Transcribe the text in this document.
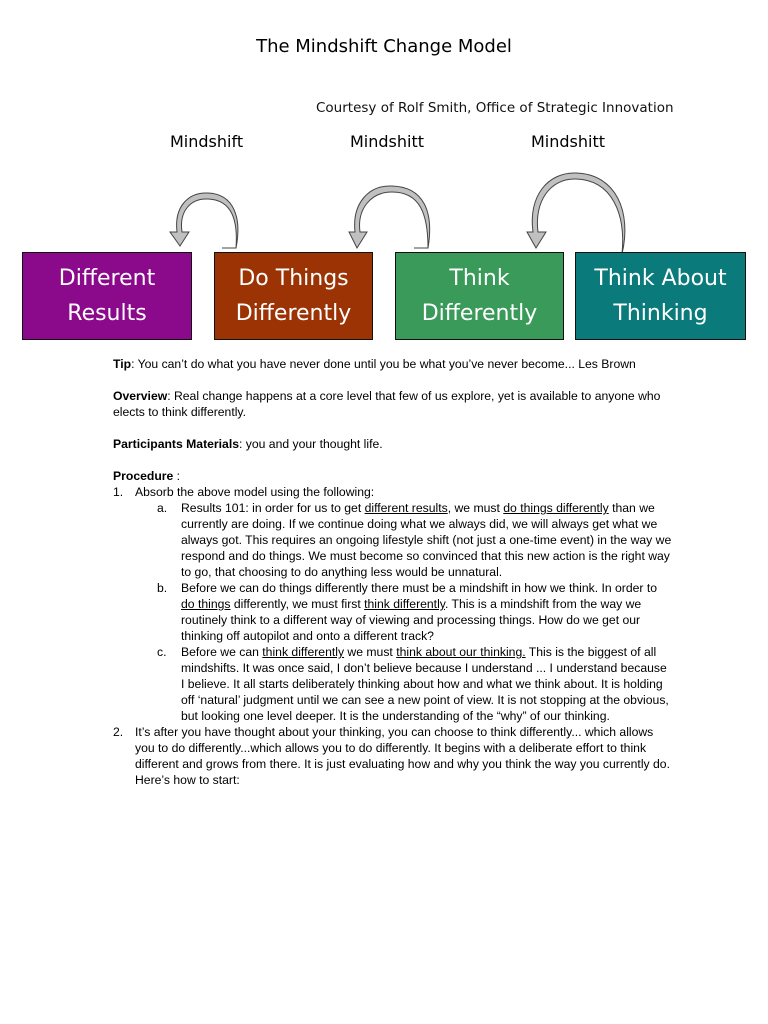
The Mindshift Change Model
Courtesy of Rolf Smith, Office of Strategic Innovation
Mindshift	Mindshitt	Mindshitt
Different
Results
Do Things
Differently
Think
Differently
Think About
Thinking

Tip: You can’t do what you have never done until you be what you’ve never become... Les Brown

Overview: Real change happens at a core level that few of us explore, yet is available to anyone who elects to think differently.

Participants Materials: you and your thought life.

Procedure :
1. Absorb the above model using the following:
a. Results 101: in order for us to get different results, we must do things differently than we currently are doing. If we continue doing what we always did, we will always get what we always got. This requires an ongoing lifestyle shift (not just a one-time event) in the way we respond and do things. We must become so convinced that this new action is the right way to go, that choosing to do anything less would be unnatural.
b. Before we can do things differently there must be a mindshift in how we think. In order to do things differently, we must first think differently. This is a mindshift from the way we routinely think to a different way of viewing and processing things. How do we get our thinking off autopilot and onto a different track?
c. Before we can think differently we must think about our thinking. This is the biggest of all mindshifts. It was once said, I don’t believe because I understand ... I understand because I believe. It all starts deliberately thinking about how and what we think about. It is holding off ‘natural’ judgment until we can see a new point of view. It is not stopping at the obvious, but looking one level deeper. It is the understanding of the “why” of our thinking.
2. It’s after you have thought about your thinking, you can choose to think differently... which allows you to do differently...which allows you to do differently. It begins with a deliberate effort to think different and grows from there. It is just evaluating how and why you think the way you currently do. Here’s how to start:
